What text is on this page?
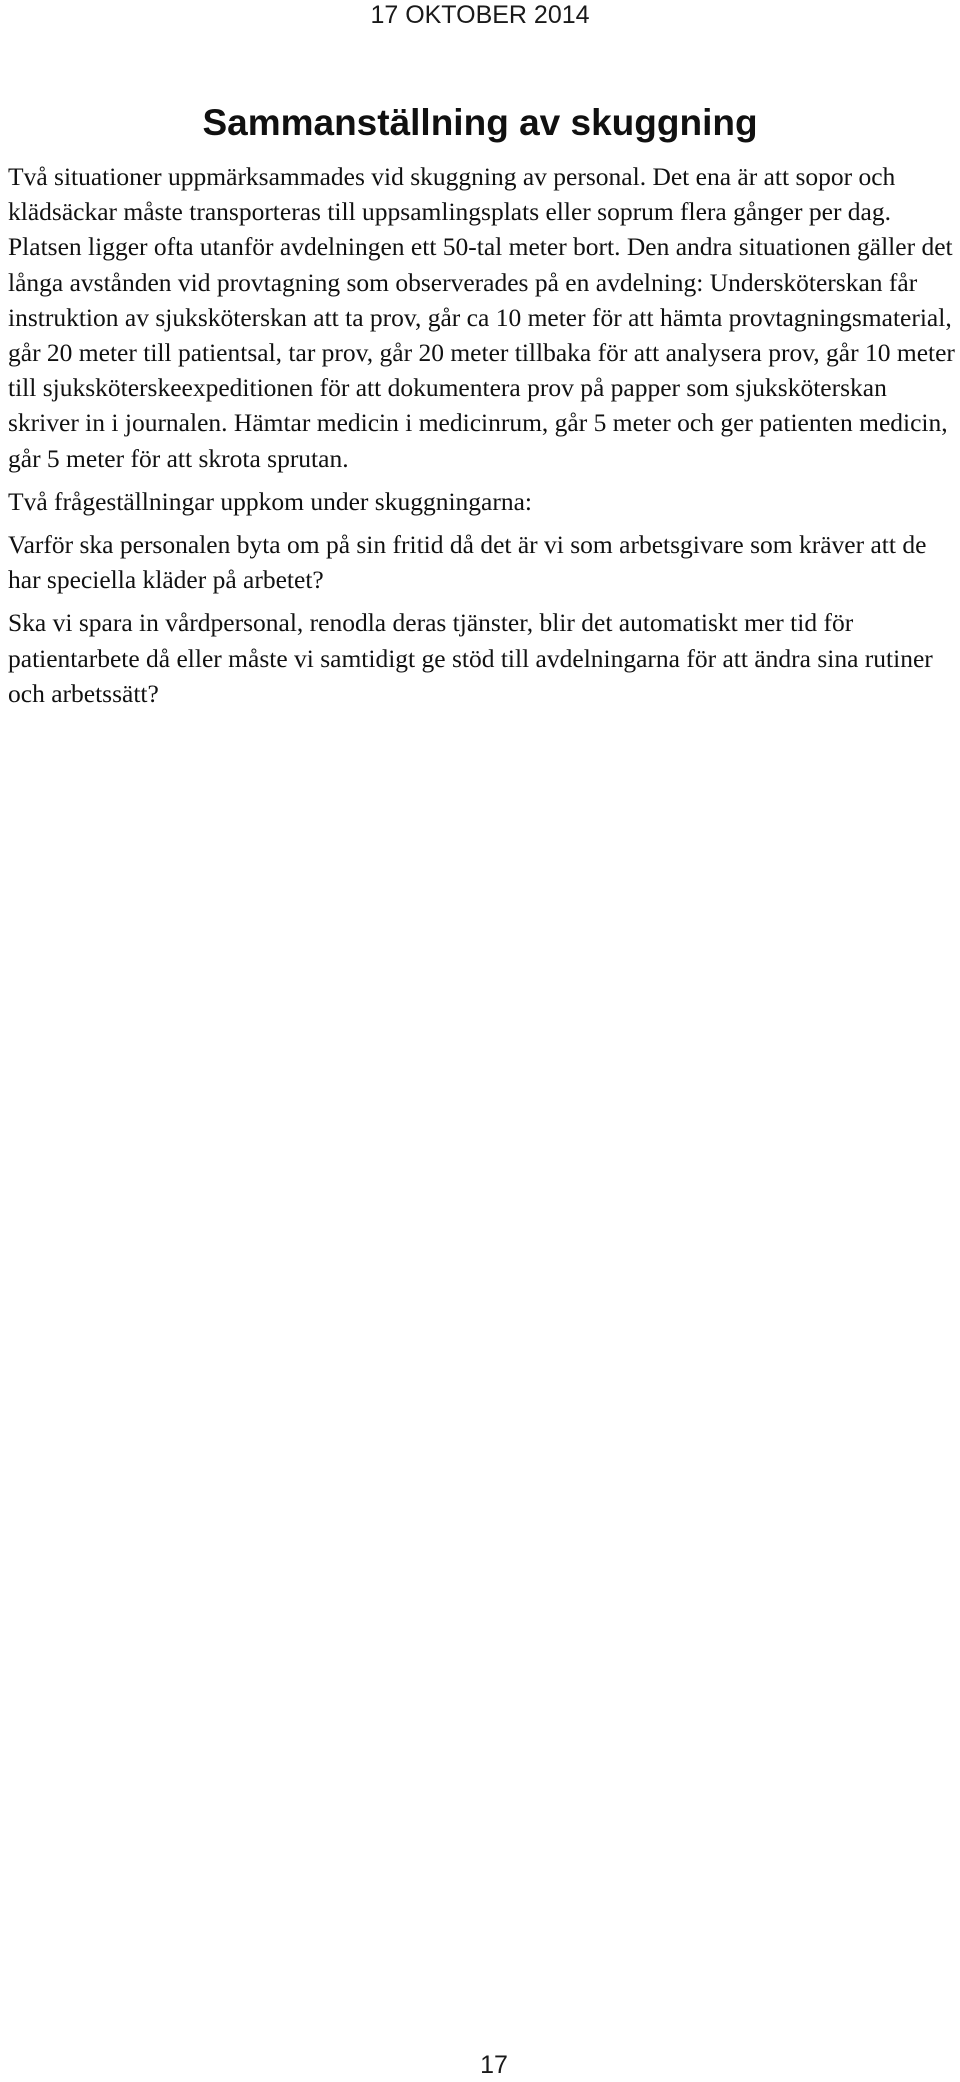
17 OKTOBER 2014
Sammanställning av skuggning

Två situationer uppmärksammades vid skuggning av personal. Det ena är att sopor och klädsäckar måste transporteras till uppsamlingsplats eller soprum flera gånger per dag. Platsen ligger ofta utanför avdelningen ett 50-tal meter bort. Den andra situationen gäller det långa avstånden vid provtagning som observerades på en avdelning: Undersköterskan får instruktion av sjuksköterskan att ta prov, går ca 10 meter för att hämta provtagningsmaterial, går 20 meter till patientsal, tar prov, går 20 meter tillbaka för att analysera prov, går 10 meter till sjuksköterskeexpeditionen för att dokumentera prov på papper som sjuksköterskan skriver in i journalen. Hämtar medicin i medicinrum, går 5 meter och ger patienten medicin, går 5 meter för att skrota sprutan.

Två frågeställningar uppkom under skuggningarna:

Varför ska personalen byta om på sin fritid då det är vi som arbetsgivare som kräver att de har speciella kläder på arbetet?

Ska vi spara in vårdpersonal, renodla deras tjänster, blir det automatiskt mer tid för patientarbete då eller måste vi samtidigt ge stöd till avdelningarna för att ändra sina rutiner och arbetssätt?

17
